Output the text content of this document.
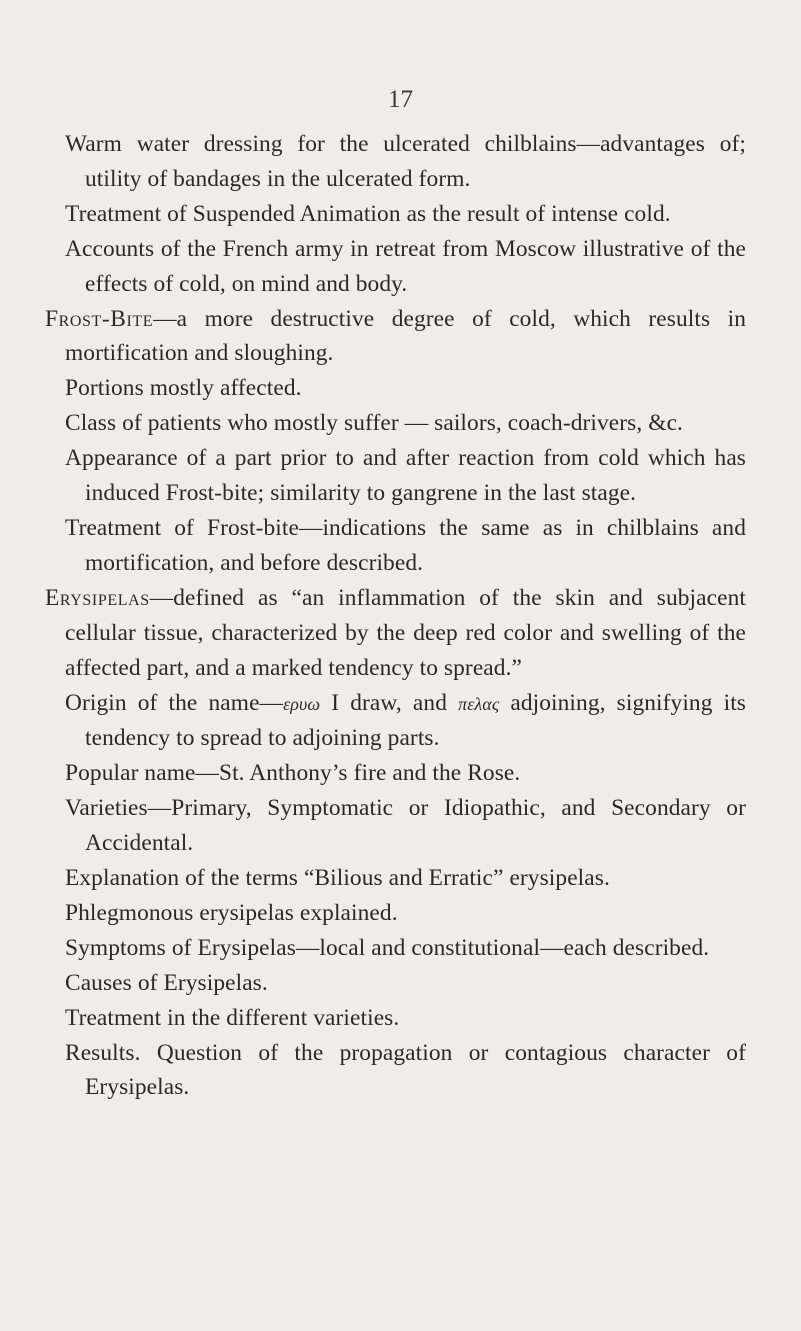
17
Warm water dressing for the ulcerated chilblains—advantages of; utility of bandages in the ulcerated form.
Treatment of Suspended Animation as the result of intense cold.
Accounts of the French army in retreat from Moscow illustrative of the effects of cold, on mind and body.
Frost-Bite—a more destructive degree of cold, which results in mortification and sloughing.
Portions mostly affected.
Class of patients who mostly suffer — sailors, coach-drivers, &c.
Appearance of a part prior to and after reaction from cold which has induced Frost-bite; similarity to gangrene in the last stage.
Treatment of Frost-bite—indications the same as in chilblains and mortification, and before described.
Erysipelas—defined as “an inflammation of the skin and subjacent cellular tissue, characterized by the deep red color and swelling of the affected part, and a marked tendency to spread.”
Origin of the name—ερυω I draw, and πελας adjoining, signifying its tendency to spread to adjoining parts.
Popular name—St. Anthony’s fire and the Rose.
Varieties—Primary, Symptomatic or Idiopathic, and Secondary or Accidental.
Explanation of the terms “Bilious and Erratic” erysipelas.
Phlegmonous erysipelas explained.
Symptoms of Erysipelas—local and constitutional—each described.
Causes of Erysipelas.
Treatment in the different varieties.
Results. Question of the propagation or contagious character of Erysipelas.
